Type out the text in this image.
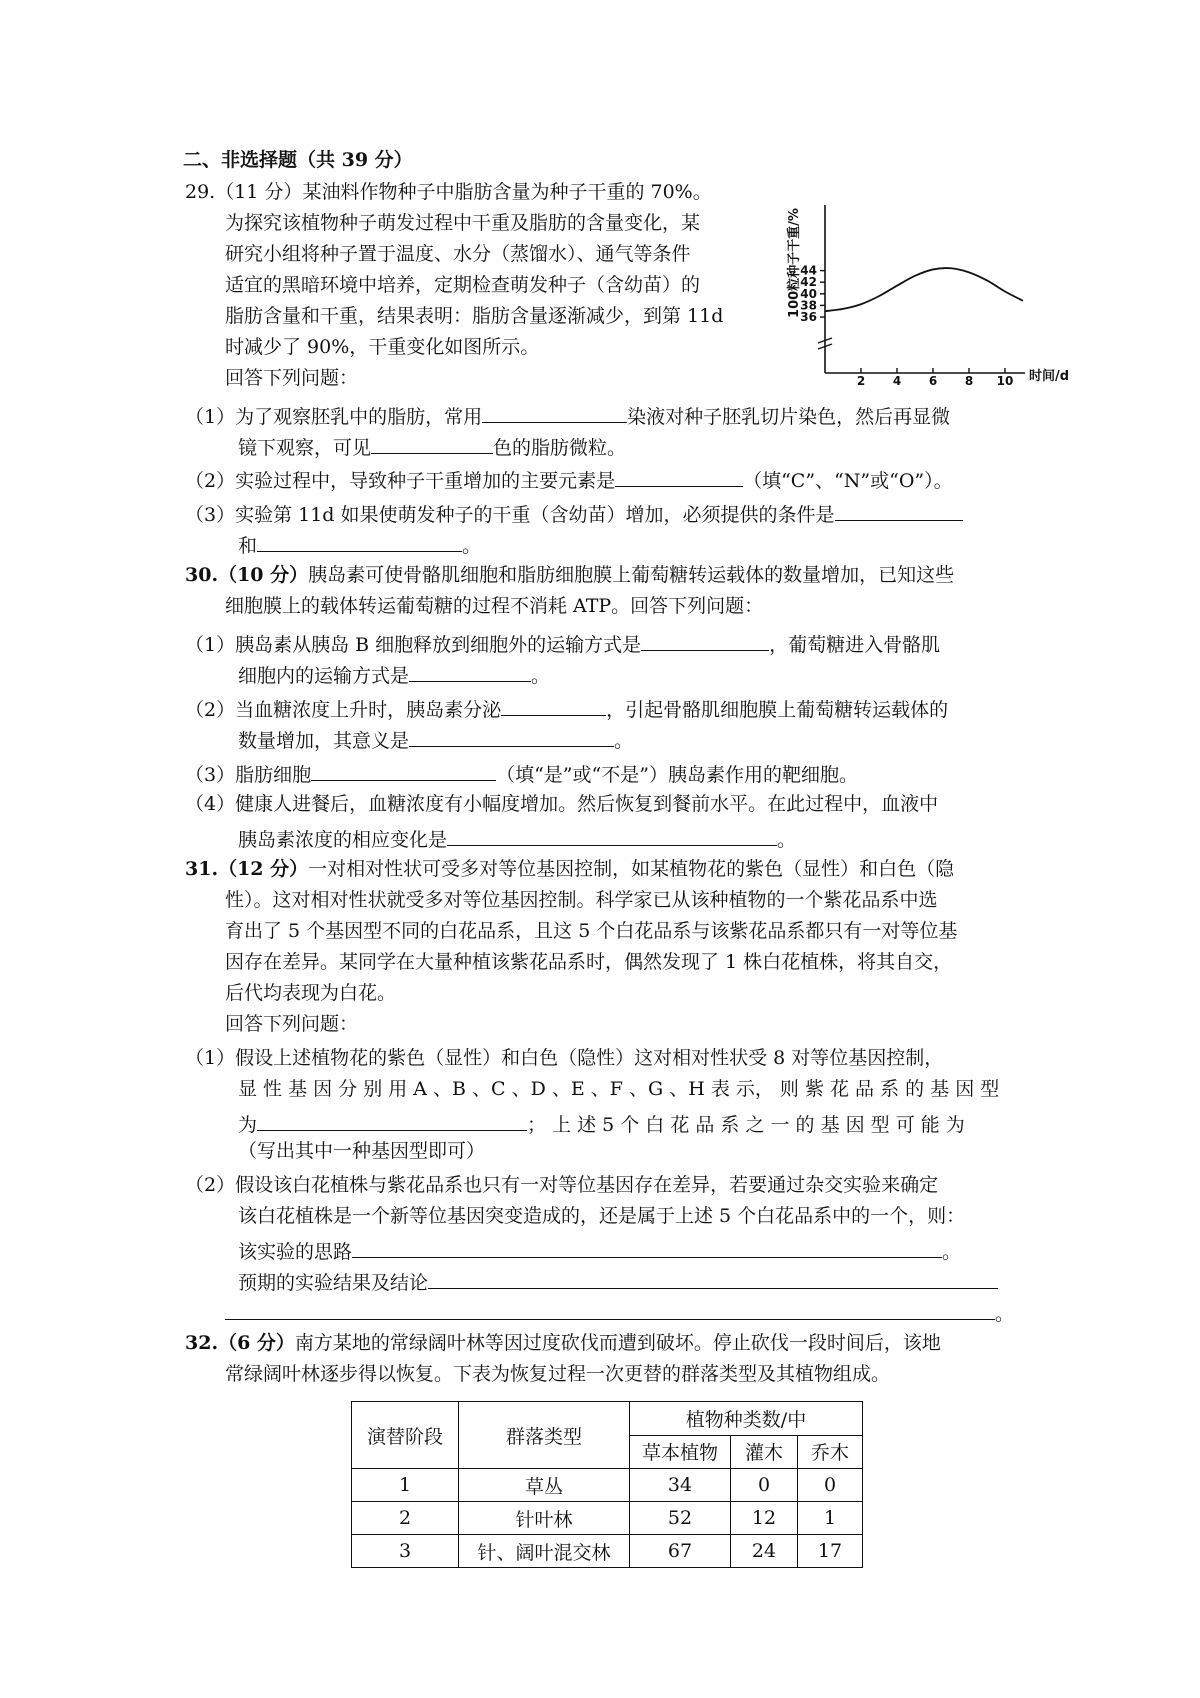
二、非选择题（共 39 分）
29.（11 分）某油料作物种子中脂肪含量为种子干重的 70%。
为探究该植物种子萌发过程中干重及脂肪的含量变化，某
研究小组将种子置于温度、水分（蒸馏水）、通气等条件
适宜的黑暗环境中培养，定期检查萌发种子（含幼苗）的
脂肪含量和干重，结果表明：脂肪含量逐渐减少，到第 11d
时减少了 90%，干重变化如图所示。
回答下列问题：
（1）为了观察胚乳中的脂肪，常用	染液对种子胚乳切片染色，然后再显微
镜下观察，可见	色的脂肪微粒。
（2）实验过程中，导致种子干重增加的主要元素是	（填“C”、“N”或“O”）。
（3）实验第 11d 如果使萌发种子的干重（含幼苗）增加，必须提供的条件是
和	。
100粒种子干重/%
时间/d
36
38
40
42
44
2 4 6 8 10
30.（10 分）胰岛素可使骨骼肌细胞和脂肪细胞膜上葡萄糖转运载体的数量增加，已知这些
细胞膜上的载体转运葡萄糖的过程不消耗 ATP。回答下列问题：
（1）胰岛素从胰岛 B 细胞释放到细胞外的运输方式是	，葡萄糖进入骨骼肌
细胞内的运输方式是	。
（2）当血糖浓度上升时，胰岛素分泌	，引起骨骼肌细胞膜上葡萄糖转运载体的
数量增加，其意义是	。
（3）脂肪细胞	（填“是”或“不是”）胰岛素作用的靶细胞。
（4）健康人进餐后，血糖浓度有小幅度增加。然后恢复到餐前水平。在此过程中，血液中
胰岛素浓度的相应变化是	。
31.（12 分）一对相对性状可受多对等位基因控制，如某植物花的紫色（显性）和白色（隐
性）。这对相对性状就受多对等位基因控制。科学家已从该种植物的一个紫花品系中选
育出了 5 个基因型不同的白花品系，且这 5 个白花品系与该紫花品系都只有一对等位基
因存在差异。某同学在大量种植该紫花品系时，偶然发现了 1 株白花植株，将其自交，
后代均表现为白花。
回答下列问题：
（1）假设上述植物花的紫色（显性）和白色（隐性）这对相对性状受 8 对等位基因控制，
显 性 基 因 分 别 用 A 、B 、C 、D 、E 、F 、G 、H 表 示， 则 紫 花 品 系 的 基 因 型
为	； 上 述 5 个 白 花 品 系 之 一 的 基 因 型 可 能 为
（写出其中一种基因型即可）
（2）假设该白花植株与紫花品系也只有一对等位基因存在差异，若要通过杂交实验来确定
该白花植株是一个新等位基因突变造成的，还是属于上述 5 个白花品系中的一个，则：
该实验的思路	。
预期的实验结果及结论
。
32.（6 分）南方某地的常绿阔叶林等因过度砍伐而遭到破坏。停止砍伐一段时间后，该地
常绿阔叶林逐步得以恢复。下表为恢复过程一次更替的群落类型及其植物组成。
演替阶段	群落类型	植物种类数/中		
		草本植物	灌木	乔木
1	草丛	34	0	0
2	针叶林	52	12	1
3	针、阔叶混交林	67	24	17
